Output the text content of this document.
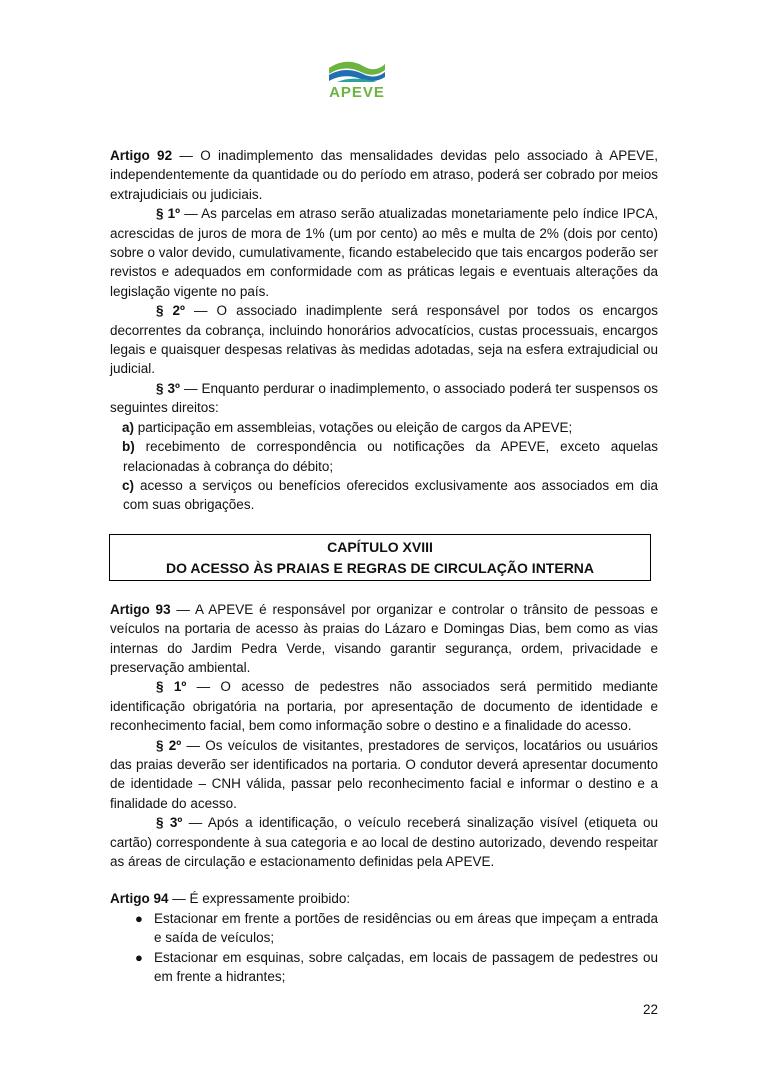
APEVE

Artigo 92 — O inadimplemento das mensalidades devidas pelo associado à APEVE, independentemente da quantidade ou do período em atraso, poderá ser cobrado por meios extrajudiciais ou judiciais.

§ 1º — As parcelas em atraso serão atualizadas monetariamente pelo índice IPCA, acrescidas de juros de mora de 1% (um por cento) ao mês e multa de 2% (dois por cento) sobre o valor devido, cumulativamente, ficando estabelecido que tais encargos poderão ser revistos e adequados em conformidade com as práticas legais e eventuais alterações da legislação vigente no país.

§ 2º — O associado inadimplente será responsável por todos os encargos decorrentes da cobrança, incluindo honorários advocatícios, custas processuais, encargos legais e quaisquer despesas relativas às medidas adotadas, seja na esfera extrajudicial ou judicial.

§ 3º — Enquanto perdurar o inadimplemento, o associado poderá ter suspensos os seguintes direitos:

a) participação em assembleias, votações ou eleição de cargos da APEVE;

b) recebimento de correspondência ou notificações da APEVE, exceto aquelas relacionadas à cobrança do débito;

c) acesso a serviços ou benefícios oferecidos exclusivamente aos associados em dia com suas obrigações.

CAPÍTULO XVIII
DO ACESSO ÀS PRAIAS E REGRAS DE CIRCULAÇÃO INTERNA

Artigo 93 — A APEVE é responsável por organizar e controlar o trânsito de pessoas e veículos na portaria de acesso às praias do Lázaro e Domingas Dias, bem como as vias internas do Jardim Pedra Verde, visando garantir segurança, ordem, privacidade e preservação ambiental.

§ 1º — O acesso de pedestres não associados será permitido mediante identificação obrigatória na portaria, por apresentação de documento de identidade e reconhecimento facial, bem como informação sobre o destino e a finalidade do acesso.

§ 2º — Os veículos de visitantes, prestadores de serviços, locatários ou usuários das praias deverão ser identificados na portaria. O condutor deverá apresentar documento de identidade – CNH válida, passar pelo reconhecimento facial e informar o destino e a finalidade do acesso.

§ 3º — Após a identificação, o veículo receberá sinalização visível (etiqueta ou cartão) correspondente à sua categoria e ao local de destino autorizado, devendo respeitar as áreas de circulação e estacionamento definidas pela APEVE.

Artigo 94 — É expressamente proibido:

● Estacionar em frente a portões de residências ou em áreas que impeçam a entrada e saída de veículos;
● Estacionar em esquinas, sobre calçadas, em locais de passagem de pedestres ou em frente a hidrantes;
22
